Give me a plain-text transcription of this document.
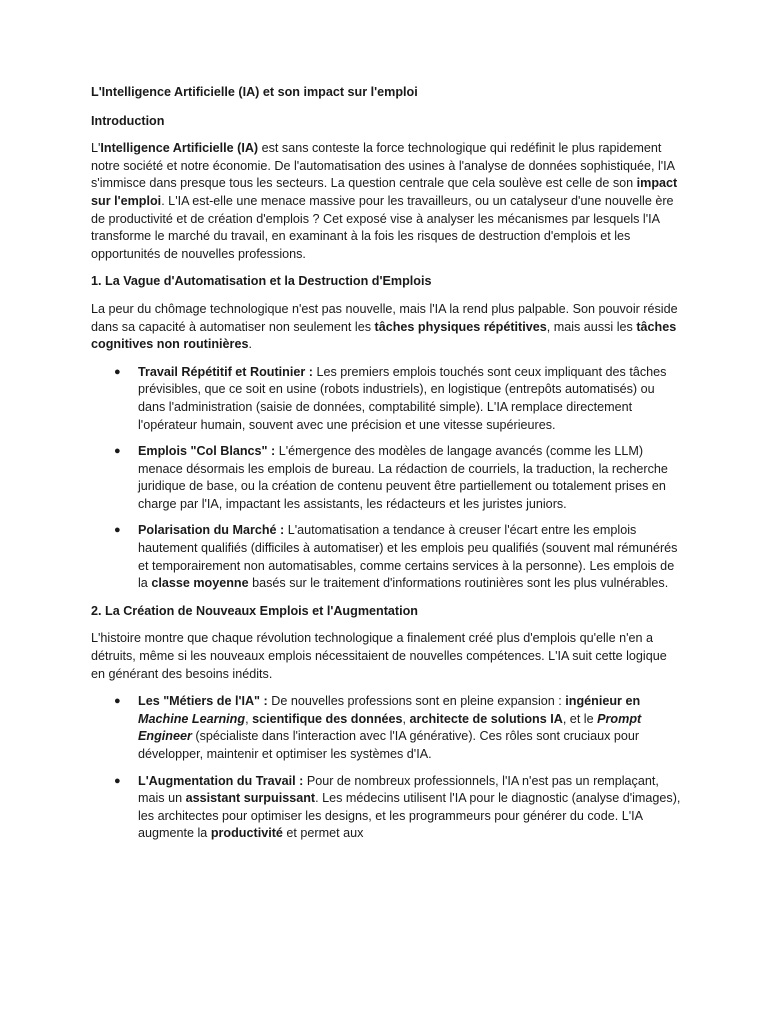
L'Intelligence Artificielle (IA) et son impact sur l'emploi

Introduction

L'Intelligence Artificielle (IA) est sans conteste la force technologique qui redéfinit le plus rapidement notre société et notre économie. De l'automatisation des usines à l'analyse de données sophistiquée, l'IA s'immisce dans presque tous les secteurs. La question centrale que cela soulève est celle de son impact sur l'emploi. L'IA est-elle une menace massive pour les travailleurs, ou un catalyseur d'une nouvelle ère de productivité et de création d'emplois ? Cet exposé vise à analyser les mécanismes par lesquels l'IA transforme le marché du travail, en examinant à la fois les risques de destruction d'emplois et les opportunités de nouvelles professions.

1. La Vague d'Automatisation et la Destruction d'Emplois

La peur du chômage technologique n'est pas nouvelle, mais l'IA la rend plus palpable. Son pouvoir réside dans sa capacité à automatiser non seulement les tâches physiques répétitives, mais aussi les tâches cognitives non routinières.

● Travail Répétitif et Routinier : Les premiers emplois touchés sont ceux impliquant des tâches prévisibles, que ce soit en usine (robots industriels), en logistique (entrepôts automatisés) ou dans l'administration (saisie de données, comptabilité simple). L'IA remplace directement l'opérateur humain, souvent avec une précision et une vitesse supérieures.
● Emplois "Col Blancs" : L'émergence des modèles de langage avancés (comme les LLM) menace désormais les emplois de bureau. La rédaction de courriels, la traduction, la recherche juridique de base, ou la création de contenu peuvent être partiellement ou totalement prises en charge par l'IA, impactant les assistants, les rédacteurs et les juristes juniors.
● Polarisation du Marché : L'automatisation a tendance à creuser l'écart entre les emplois hautement qualifiés (difficiles à automatiser) et les emplois peu qualifiés (souvent mal rémunérés et temporairement non automatisables, comme certains services à la personne). Les emplois de la classe moyenne basés sur le traitement d'informations routinières sont les plus vulnérables.

2. La Création de Nouveaux Emplois et l'Augmentation

L'histoire montre que chaque révolution technologique a finalement créé plus d'emplois qu'elle n'en a détruits, même si les nouveaux emplois nécessitaient de nouvelles compétences. L'IA suit cette logique en générant des besoins inédits.

● Les "Métiers de l'IA" : De nouvelles professions sont en pleine expansion : ingénieur en Machine Learning, scientifique des données, architecte de solutions IA, et le Prompt Engineer (spécialiste dans l'interaction avec l'IA générative). Ces rôles sont cruciaux pour développer, maintenir et optimiser les systèmes d'IA.
● L'Augmentation du Travail : Pour de nombreux professionnels, l'IA n'est pas un remplaçant, mais un assistant surpuissant. Les médecins utilisent l'IA pour le diagnostic (analyse d'images), les architectes pour optimiser les designs, et les programmeurs pour générer du code. L'IA augmente la productivité et permet aux
